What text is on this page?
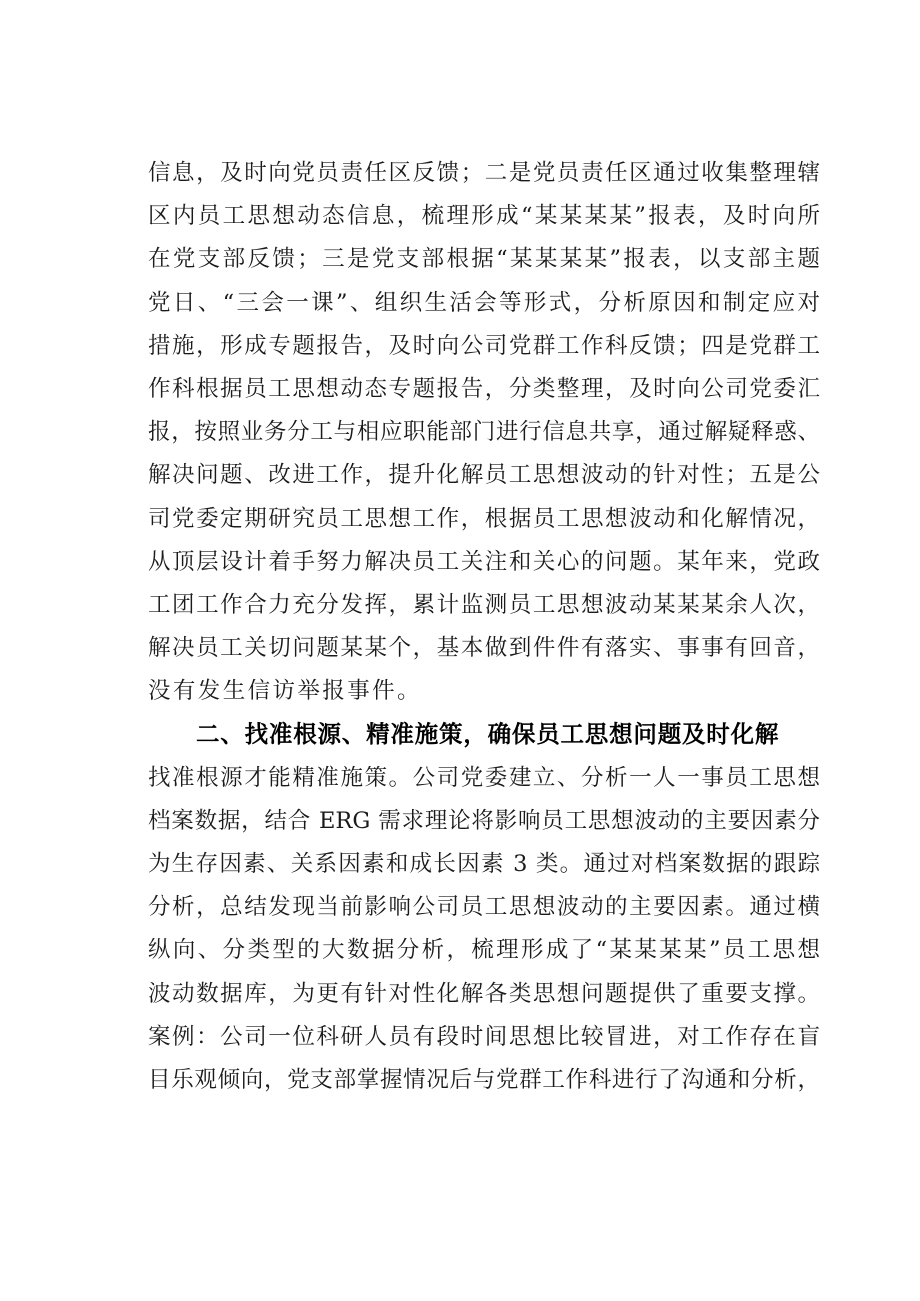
信息，及时向党员责任区反馈；二是党员责任区通过收集整理辖
区内员工思想动态信息，梳理形成“某某某某”报表，及时向所
在党支部反馈；三是党支部根据“某某某某”报表，以支部主题
党日、“三会一课”、组织生活会等形式，分析原因和制定应对
措施，形成专题报告，及时向公司党群工作科反馈；四是党群工
作科根据员工思想动态专题报告，分类整理，及时向公司党委汇
报，按照业务分工与相应职能部门进行信息共享，通过解疑释惑、
解决问题、改进工作，提升化解员工思想波动的针对性；五是公
司党委定期研究员工思想工作，根据员工思想波动和化解情况，
从顶层设计着手努力解决员工关注和关心的问题。某年来，党政
工团工作合力充分发挥，累计监测员工思想波动某某某余人次，
解决员工关切问题某某个，基本做到件件有落实、事事有回音，
没有发生信访举报事件。
二、找准根源、精准施策，确保员工思想问题及时化解
找准根源才能精准施策。公司党委建立、分析一人一事员工思想
档案数据，结合 ERG 需求理论将影响员工思想波动的主要因素分
为生存因素、关系因素和成长因素 3 类。通过对档案数据的跟踪
分析，总结发现当前影响公司员工思想波动的主要因素。通过横
纵向、分类型的大数据分析，梳理形成了“某某某某”员工思想
波动数据库，为更有针对性化解各类思想问题提供了重要支撑。
案例：公司一位科研人员有段时间思想比较冒进，对工作存在盲
目乐观倾向，党支部掌握情况后与党群工作科进行了沟通和分析，
